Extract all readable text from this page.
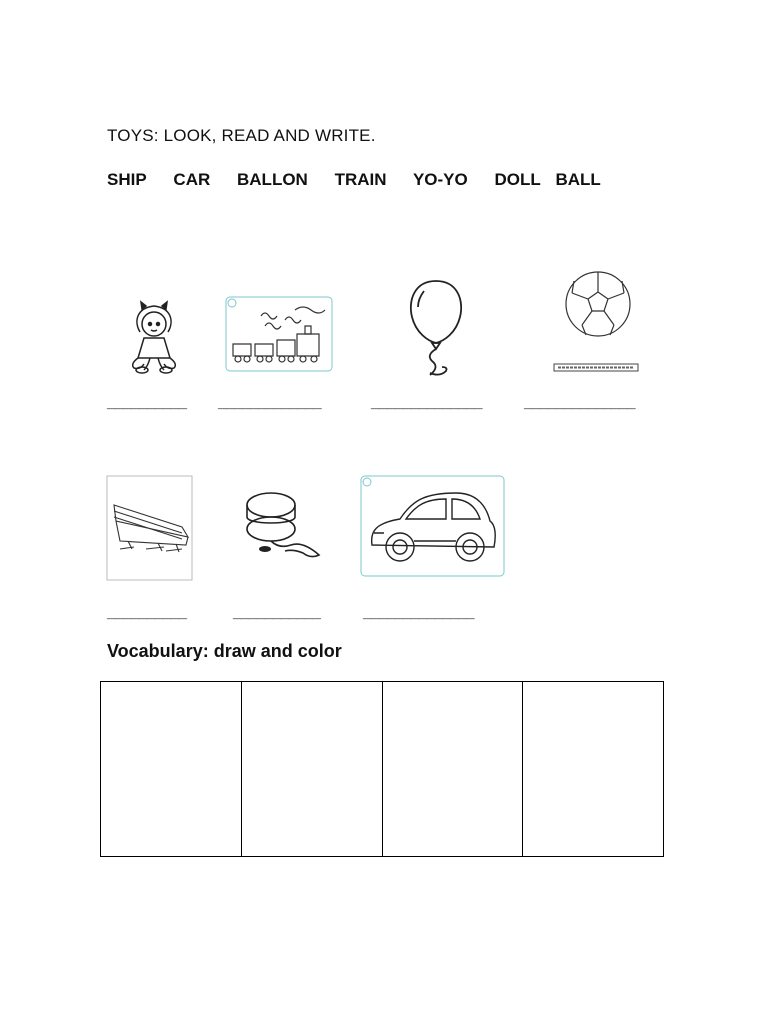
TOYS: LOOK, READ AND WRITE.
SHIP CAR BALLON TRAIN YO-YO DOLL BALL
__________ _____________	______________	______________
__________	___________	______________
Vocabulary: draw and color
